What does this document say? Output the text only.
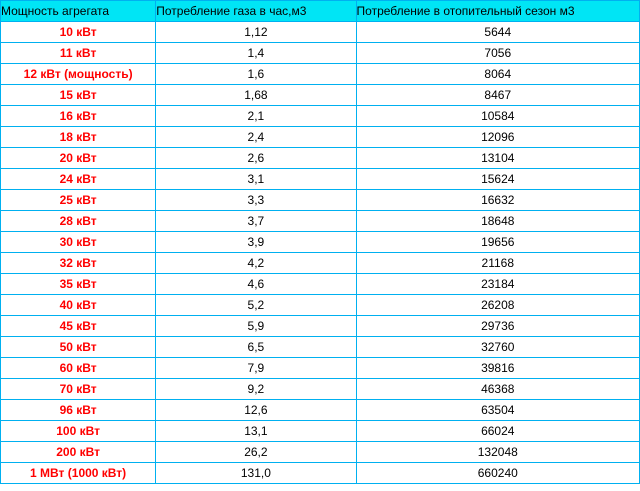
Мощность агрегата	Потребление газа в час,м3	Потребление в отопительный сезон м3
10 кВт	1,12	5644
11 кВт	1,4	7056
12 кВт (мощность)	1,6	8064
15 кВт	1,68	8467
16 кВт	2,1	10584
18 кВт	2,4	12096
20 кВт	2,6	13104
24 кВт	3,1	15624
25 кВт	3,3	16632
28 кВт	3,7	18648
30 кВт	3,9	19656
32 кВт	4,2	21168
35 кВт	4,6	23184
40 кВт	5,2	26208
45 кВт	5,9	29736
50 кВт	6,5	32760
60 кВт	7,9	39816
70 кВт	9,2	46368
96 кВт	12,6	63504
100 кВт	13,1	66024
200 кВт	26,2	132048
1 МВт (1000 кВт)	131,0	660240
